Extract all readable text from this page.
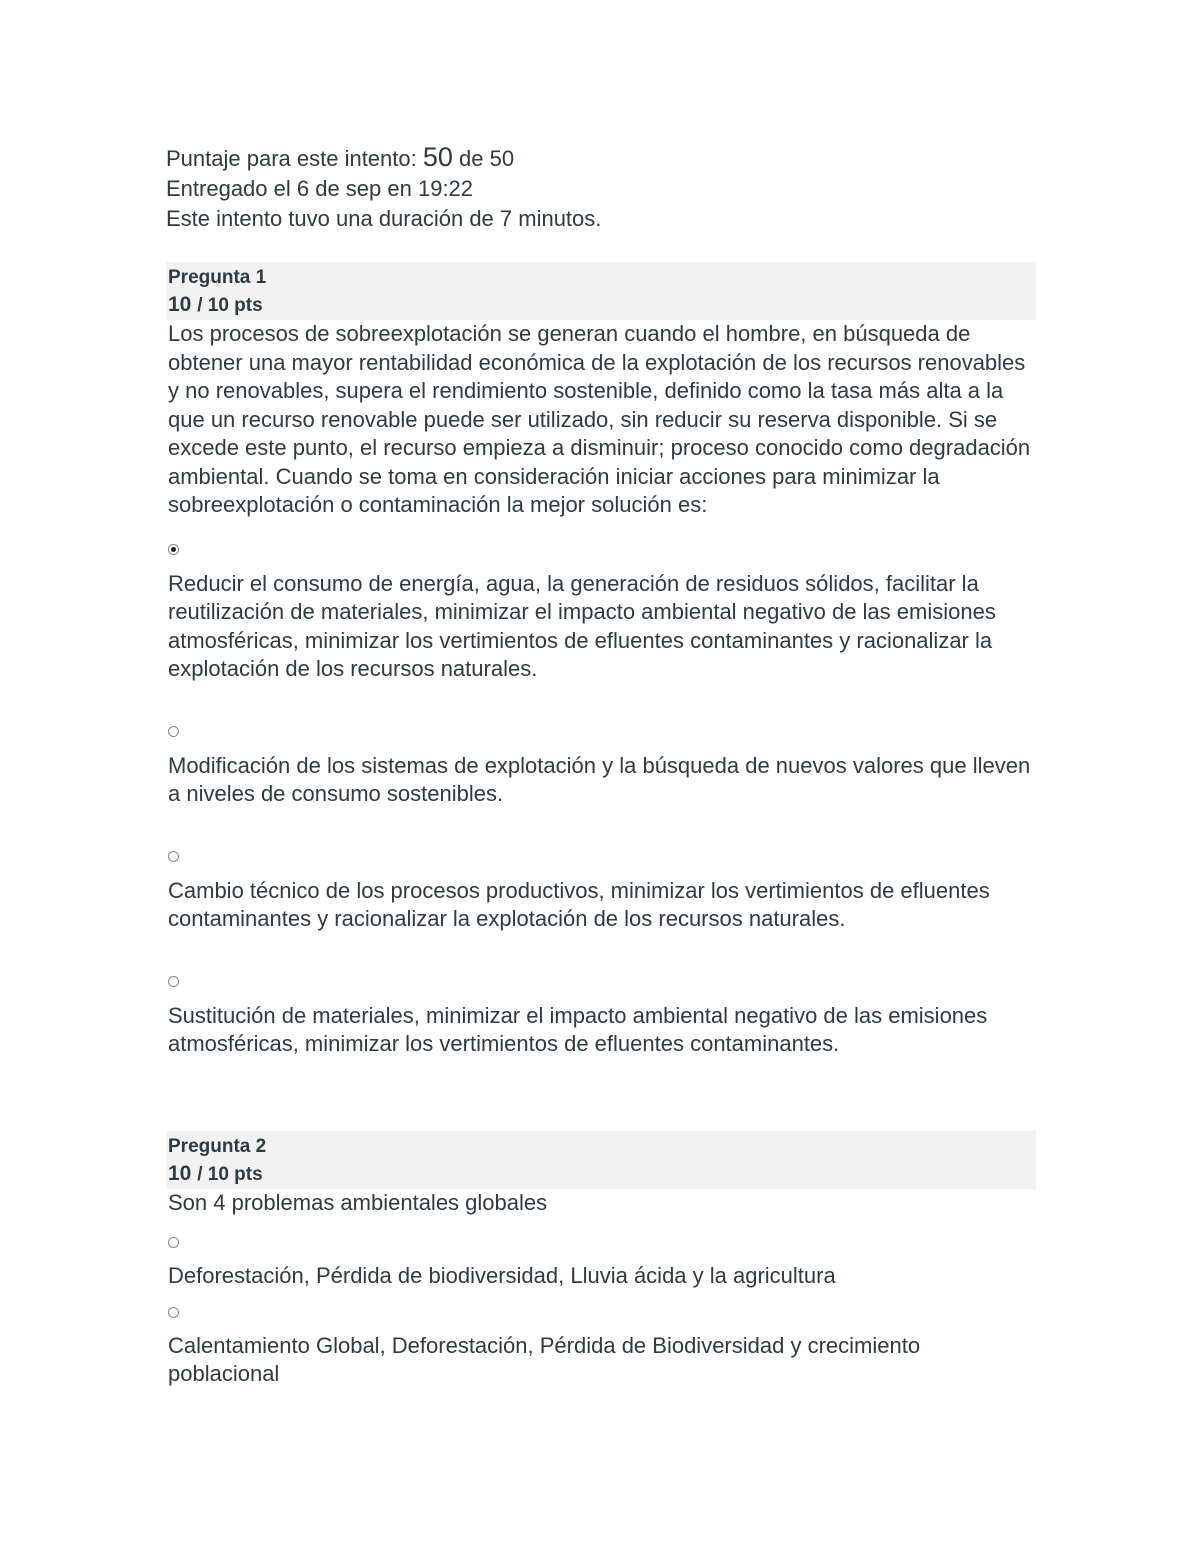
Puntaje para este intento: 50 de 50

Entregado el 6 de sep en 19:22

Este intento tuvo una duración de 7 minutos.

Pregunta 1
10 / 10 pts
Los procesos de sobreexplotación se generan cuando el hombre, en búsqueda de obtener una mayor rentabilidad económica de la explotación de los recursos renovables y no renovables, supera el rendimiento sostenible, definido como la tasa más alta a la que un recurso renovable puede ser utilizado, sin reducir su reserva disponible. Si se excede este punto, el recurso empieza a disminuir; proceso conocido como degradación ambiental. Cuando se toma en consideración iniciar acciones para minimizar la sobreexplotación o contaminación la mejor solución es:
Reducir el consumo de energía, agua, la generación de residuos sólidos, facilitar la reutilización de materiales, minimizar el impacto ambiental negativo de las emisiones atmosféricas, minimizar los vertimientos de efluentes contaminantes y racionalizar la explotación de los recursos naturales.
Modificación de los sistemas de explotación y la búsqueda de nuevos valores que lleven a niveles de consumo sostenibles.
Cambio técnico de los procesos productivos, minimizar los vertimientos de efluentes contaminantes y racionalizar la explotación de los recursos naturales.
Sustitución de materiales, minimizar el impacto ambiental negativo de las emisiones atmosféricas, minimizar los vertimientos de efluentes contaminantes.
Pregunta 2
10 / 10 pts
Son 4 problemas ambientales globales
Deforestación, Pérdida de biodiversidad, Lluvia ácida y la agricultura
Calentamiento Global, Deforestación, Pérdida de Biodiversidad y crecimiento poblacional
